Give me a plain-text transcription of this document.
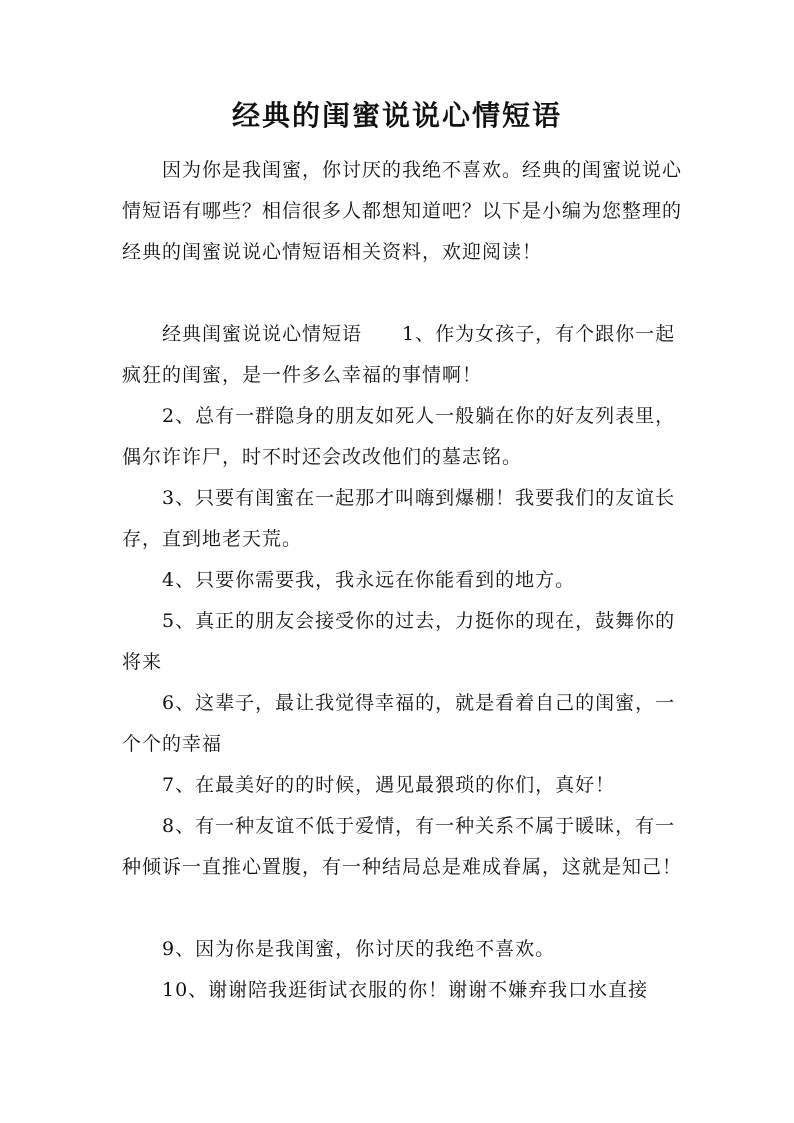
经典的闺蜜说说心情短语

因为你是我闺蜜，你讨厌的我绝不喜欢。经典的闺蜜说说心情短语有哪些？相信很多人都想知道吧？以下是小编为您整理的经典的闺蜜说说心情短语相关资料，欢迎阅读！

经典闺蜜说说心情短语　　1、作为女孩子，有个跟你一起疯狂的闺蜜，是一件多么幸福的事情啊！

2、总有一群隐身的朋友如死人一般躺在你的好友列表里，偶尔诈诈尸，时不时还会改改他们的墓志铭。

3、只要有闺蜜在一起那才叫嗨到爆棚！我要我们的友谊长存，直到地老天荒。

4、只要你需要我，我永远在你能看到的地方。

5、真正的朋友会接受你的过去，力挺你的现在，鼓舞你的将来

6、这辈子，最让我觉得幸福的，就是看着自己的闺蜜，一个个的幸福

7、在最美好的的时候，遇见最猥琐的你们，真好！

8、有一种友谊不低于爱情，有一种关系不属于暖昧，有一种倾诉一直推心置腹，有一种结局总是难成眷属，这就是知己！

9、因为你是我闺蜜，你讨厌的我绝不喜欢。

10、谢谢陪我逛街试衣服的你！谢谢不嫌弃我口水直接
